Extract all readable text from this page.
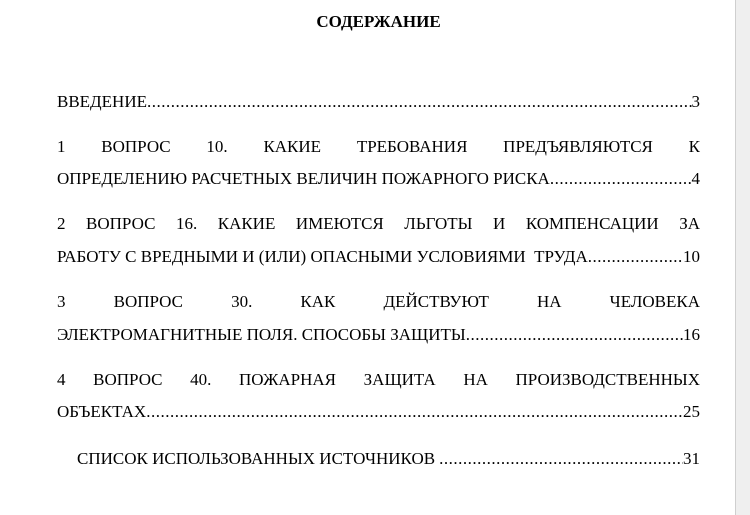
СОДЕРЖАНИЕ
ВВЕДЕНИЕ .....	3
1 ВОПРОС 10. КАКИЕ ТРЕБОВАНИЯ ПРЕДЪЯВЛЯЮТСЯ К
ОПРЕДЕЛЕНИЮ РАСЧЕТНЫХ ВЕЛИЧИН ПОЖАРНОГО РИСКА .....	4
2 ВОПРОС 16. КАКИЕ ИМЕЮТСЯ ЛЬГОТЫ И КОМПЕНСАЦИИ ЗА
РАБОТУ С ВРЕДНЫМИ И (ИЛИ) ОПАСНЫМИ УСЛОВИЯМИ  ТРУДА .....	10
3 ВОПРОС 30. КАК ДЕЙСТВУЮТ НА ЧЕЛОВЕКА
ЭЛЕКТРОМАГНИТНЫЕ ПОЛЯ. СПОСОБЫ ЗАЩИТЫ .....	16
4 ВОПРОС 40. ПОЖАРНАЯ ЗАЩИТА НА ПРОИЗВОДСТВЕННЫХ
ОБЪЕКТАХ .....	25
СПИСОК ИСПОЛЬЗОВАННЫХ ИСТОЧНИКОВ .....	31
